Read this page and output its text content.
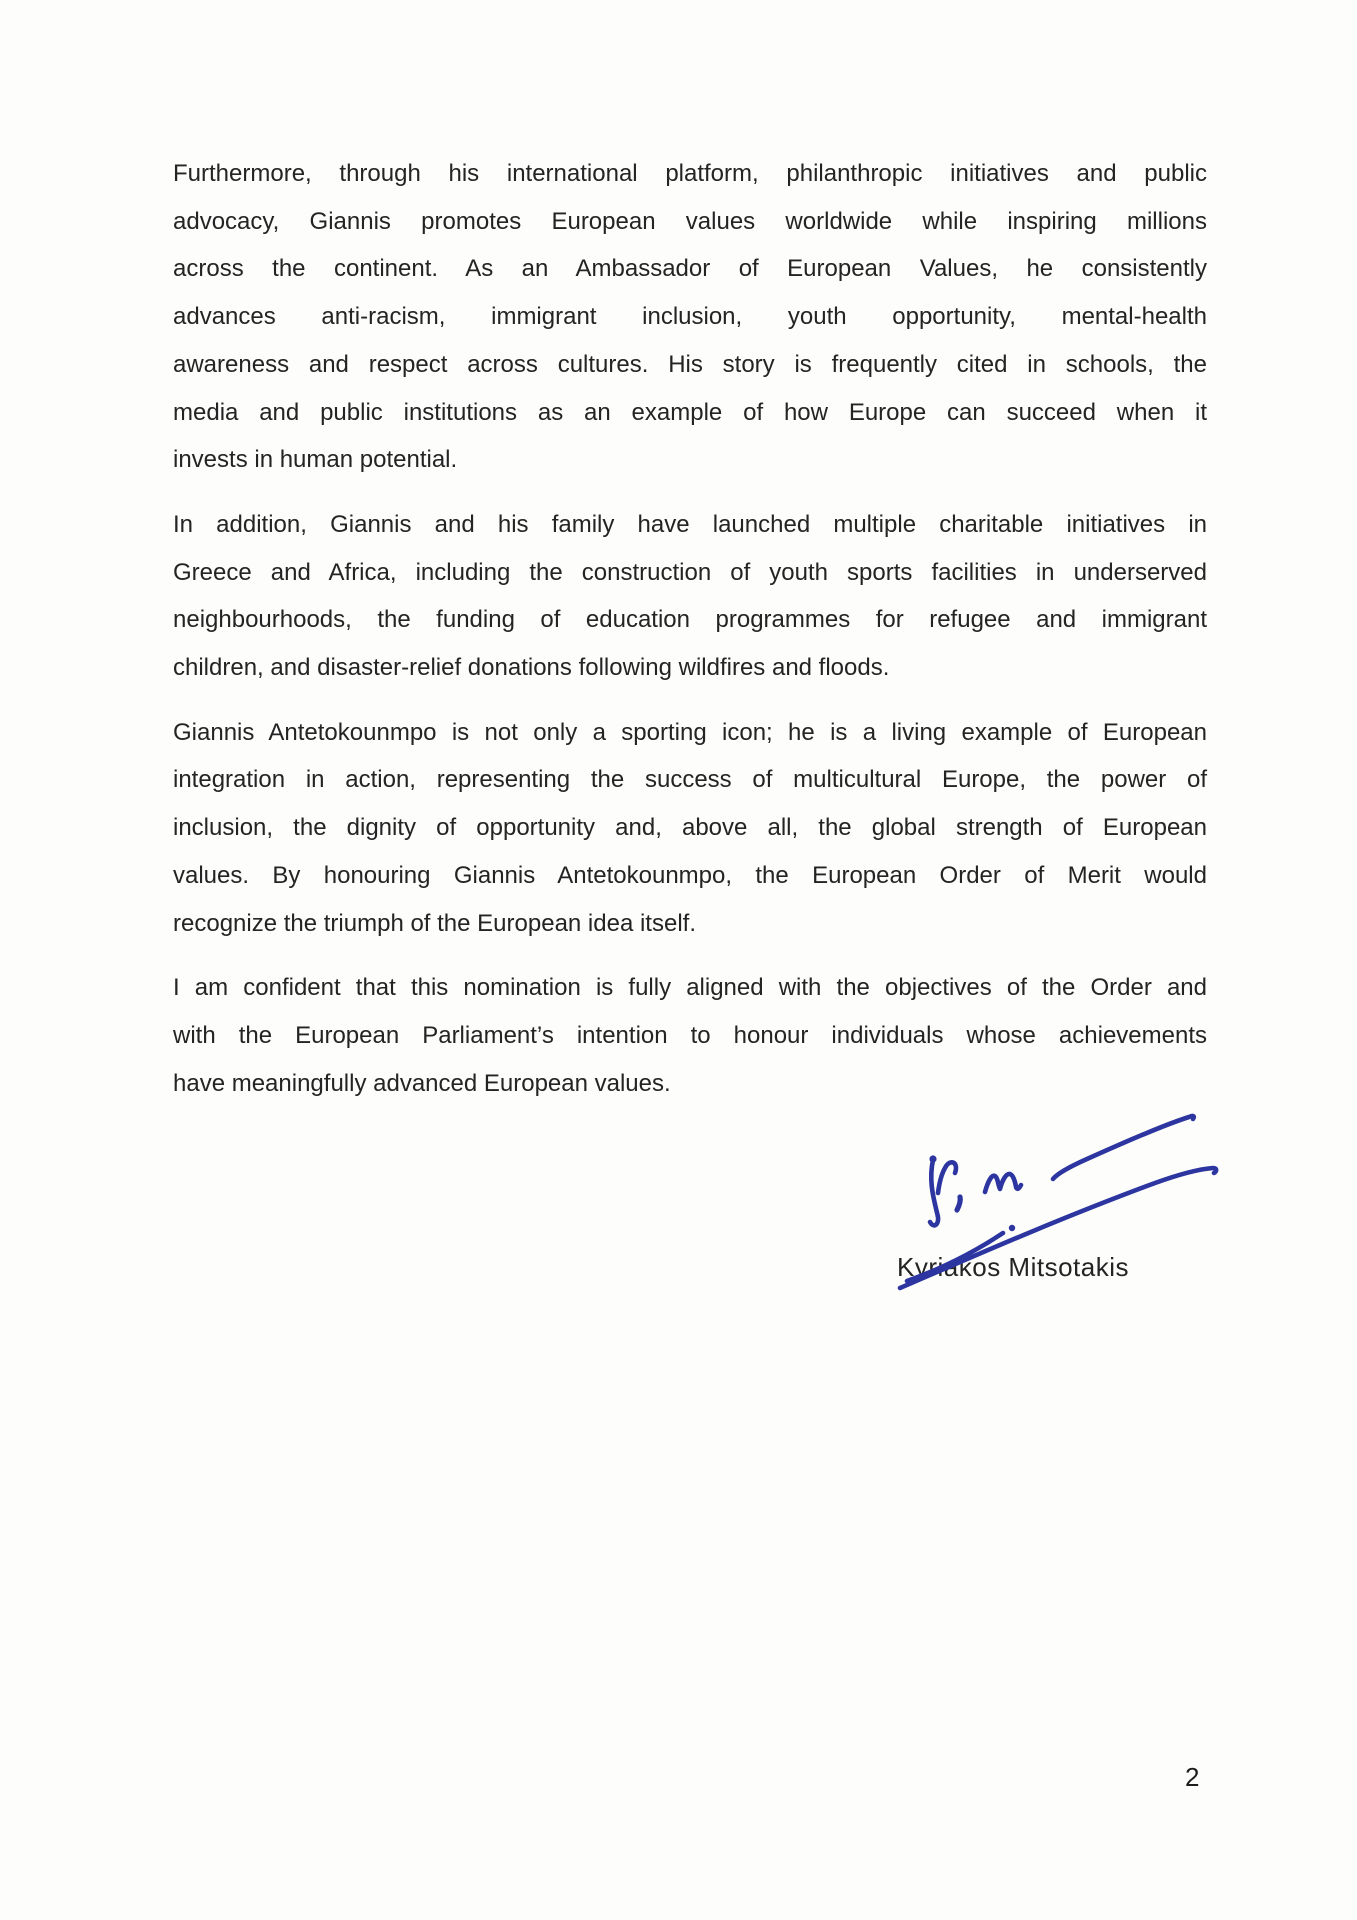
Furthermore, through his international platform, philanthropic initiatives and public
advocacy, Giannis promotes European values worldwide while inspiring millions
across the continent. As an Ambassador of European Values, he consistently
advances anti-racism, immigrant inclusion, youth opportunity, mental-health
awareness and respect across cultures. His story is frequently cited in schools, the
media and public institutions as an example of how Europe can succeed when it
invests in human potential.
In addition, Giannis and his family have launched multiple charitable initiatives in
Greece and Africa, including the construction of youth sports facilities in underserved
neighbourhoods, the funding of education programmes for refugee and immigrant
children, and disaster-relief donations following wildfires and floods.
Giannis Antetokounmpo is not only a sporting icon; he is a living example of European
integration in action, representing the success of multicultural Europe, the power of
inclusion, the dignity of opportunity and, above all, the global strength of European
values. By honouring Giannis Antetokounmpo, the European Order of Merit would
recognize the triumph of the European idea itself.
I am confident that this nomination is fully aligned with the objectives of the Order and
with the European Parliament’s intention to honour individuals whose achievements
have meaningfully advanced European values.
Kyriakos Mitsotakis
2
